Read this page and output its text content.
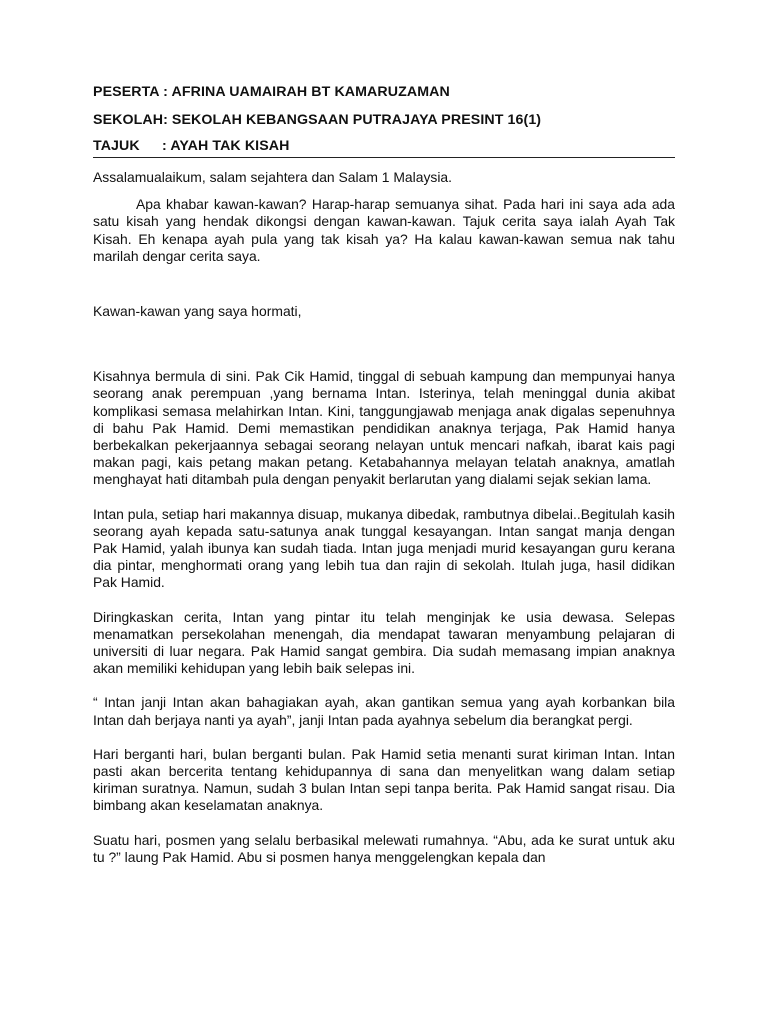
PESERTA : AFRINA UAMAIRAH BT KAMARUZAMAN

SEKOLAH: SEKOLAH KEBANGSAAN PUTRAJAYA PRESINT 16(1)

TAJUK : AYAH TAK KISAH

Assalamualaikum, salam sejahtera dan Salam 1 Malaysia.

Apa khabar kawan-kawan? Harap-harap semuanya sihat. Pada hari ini saya ada ada satu kisah yang hendak dikongsi dengan kawan-kawan. Tajuk cerita saya ialah Ayah Tak Kisah. Eh kenapa ayah pula yang tak kisah ya? Ha kalau kawan-kawan semua nak tahu marilah dengar cerita saya.

Kawan-kawan yang saya hormati,

Kisahnya bermula di sini. Pak Cik Hamid, tinggal di sebuah kampung dan mempunyai hanya seorang anak perempuan ,yang bernama Intan. Isterinya, telah meninggal dunia akibat komplikasi semasa melahirkan Intan. Kini, tanggungjawab menjaga anak digalas sepenuhnya di bahu Pak Hamid. Demi memastikan pendidikan anaknya terjaga, Pak Hamid hanya berbekalkan pekerjaannya sebagai seorang nelayan untuk mencari nafkah, ibarat kais pagi makan pagi, kais petang makan petang. Ketabahannya melayan telatah anaknya, amatlah menghayat hati ditambah pula dengan penyakit berlarutan yang dialami sejak sekian lama.

Intan pula, setiap hari makannya disuap, mukanya dibedak, rambutnya dibelai..Begitulah kasih seorang ayah kepada satu-satunya anak tunggal kesayangan. Intan sangat manja dengan Pak Hamid, yalah ibunya kan sudah tiada. Intan juga menjadi murid kesayangan guru kerana dia pintar, menghormati orang yang lebih tua dan rajin di sekolah. Itulah juga, hasil didikan Pak Hamid.

Diringkaskan cerita, Intan yang pintar itu telah menginjak ke usia dewasa. Selepas menamatkan persekolahan menengah, dia mendapat tawaran menyambung pelajaran di universiti di luar negara. Pak Hamid sangat gembira. Dia sudah memasang impian anaknya akan memiliki kehidupan yang lebih baik selepas ini.

“ Intan janji Intan akan bahagiakan ayah, akan gantikan semua yang ayah korbankan bila Intan dah berjaya nanti ya ayah”, janji Intan pada ayahnya sebelum dia berangkat pergi.

Hari berganti hari, bulan berganti bulan. Pak Hamid setia menanti surat kiriman Intan. Intan pasti akan bercerita tentang kehidupannya di sana dan menyelitkan wang dalam setiap kiriman suratnya. Namun, sudah 3 bulan Intan sepi tanpa berita. Pak Hamid sangat risau. Dia bimbang akan keselamatan anaknya.

Suatu hari, posmen yang selalu berbasikal melewati rumahnya. “Abu, ada ke surat untuk aku tu ?” laung Pak Hamid. Abu si posmen hanya menggelengkan kepala dan
